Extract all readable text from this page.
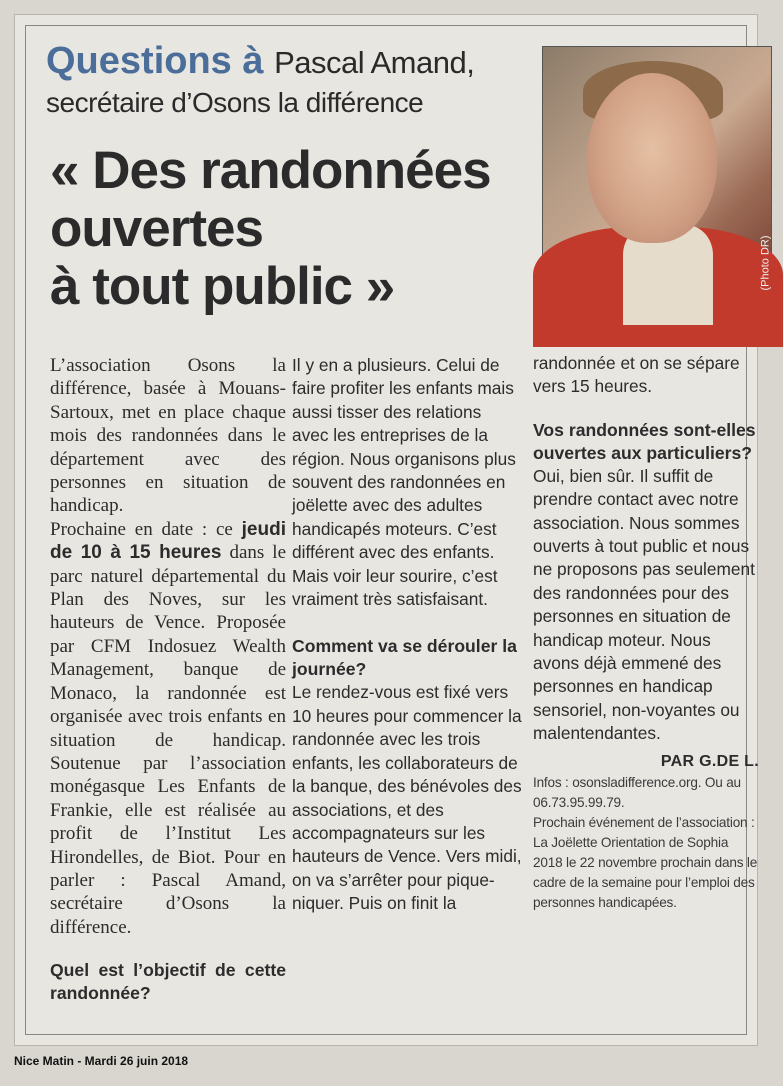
Questions à Pascal Amand,
secrétaire d’Osons la différence
« Des randonnées
ouvertes
à tout public »	(Photo DR)

L’association Osons la différence, basée à Mouans-Sartoux, met en place chaque mois des randonnées dans le département avec des personnes en situation de handicap.

Prochaine en date : ce jeudi de 10 à 15 heures dans le parc naturel départemental du Plan des Noves, sur les hauteurs de Vence. Proposée par CFM Indosuez Wealth Management, banque de Monaco, la randonnée est organisée avec trois enfants en situation de handicap. Soutenue par l’association monégasque Les Enfants de Frankie, elle est réalisée au profit de l’Institut Les Hirondelles, de Biot. Pour en parler : Pascal Amand, secrétaire d’Osons la différence.

Quel est l’objectif de cette randonnée?

Il y en a plusieurs. Celui de faire profiter les enfants mais aussi tisser des relations avec les entreprises de la région. Nous organisons plus souvent des randonnées en joëlette avec des adultes handicapés moteurs. C’est différent avec des enfants. Mais voir leur sourire, c’est vraiment très satisfaisant.

Comment va se dérouler la journée?

Le rendez-vous est fixé vers 10 heures pour commencer la randonnée avec les trois enfants, les collaborateurs de la banque, des bénévoles des associations, et des accompagnateurs sur les hauteurs de Vence. Vers midi, on va s’arrêter pour pique-niquer. Puis on finit la

randonnée et on se sépare vers 15 heures.

Vos randonnées sont-elles ouvertes aux particuliers?

Oui, bien sûr. Il suffit de prendre contact avec notre association. Nous sommes ouverts à tout public et nous ne proposons pas seulement des randonnées pour des personnes en situation de handicap moteur. Nous avons déjà emmené des personnes en handicap sensoriel, non-voyantes ou malentendantes.

PAR G.DE L.

Infos : osonsladifference.org. Ou au 06.73.95.99.79.

Prochain événement de l’association : La Joëlette Orientation de Sophia 2018 le 22 novembre prochain dans le cadre de la semaine pour l’emploi des personnes handicapées.

Nice Matin - Mardi 26 juin 2018
